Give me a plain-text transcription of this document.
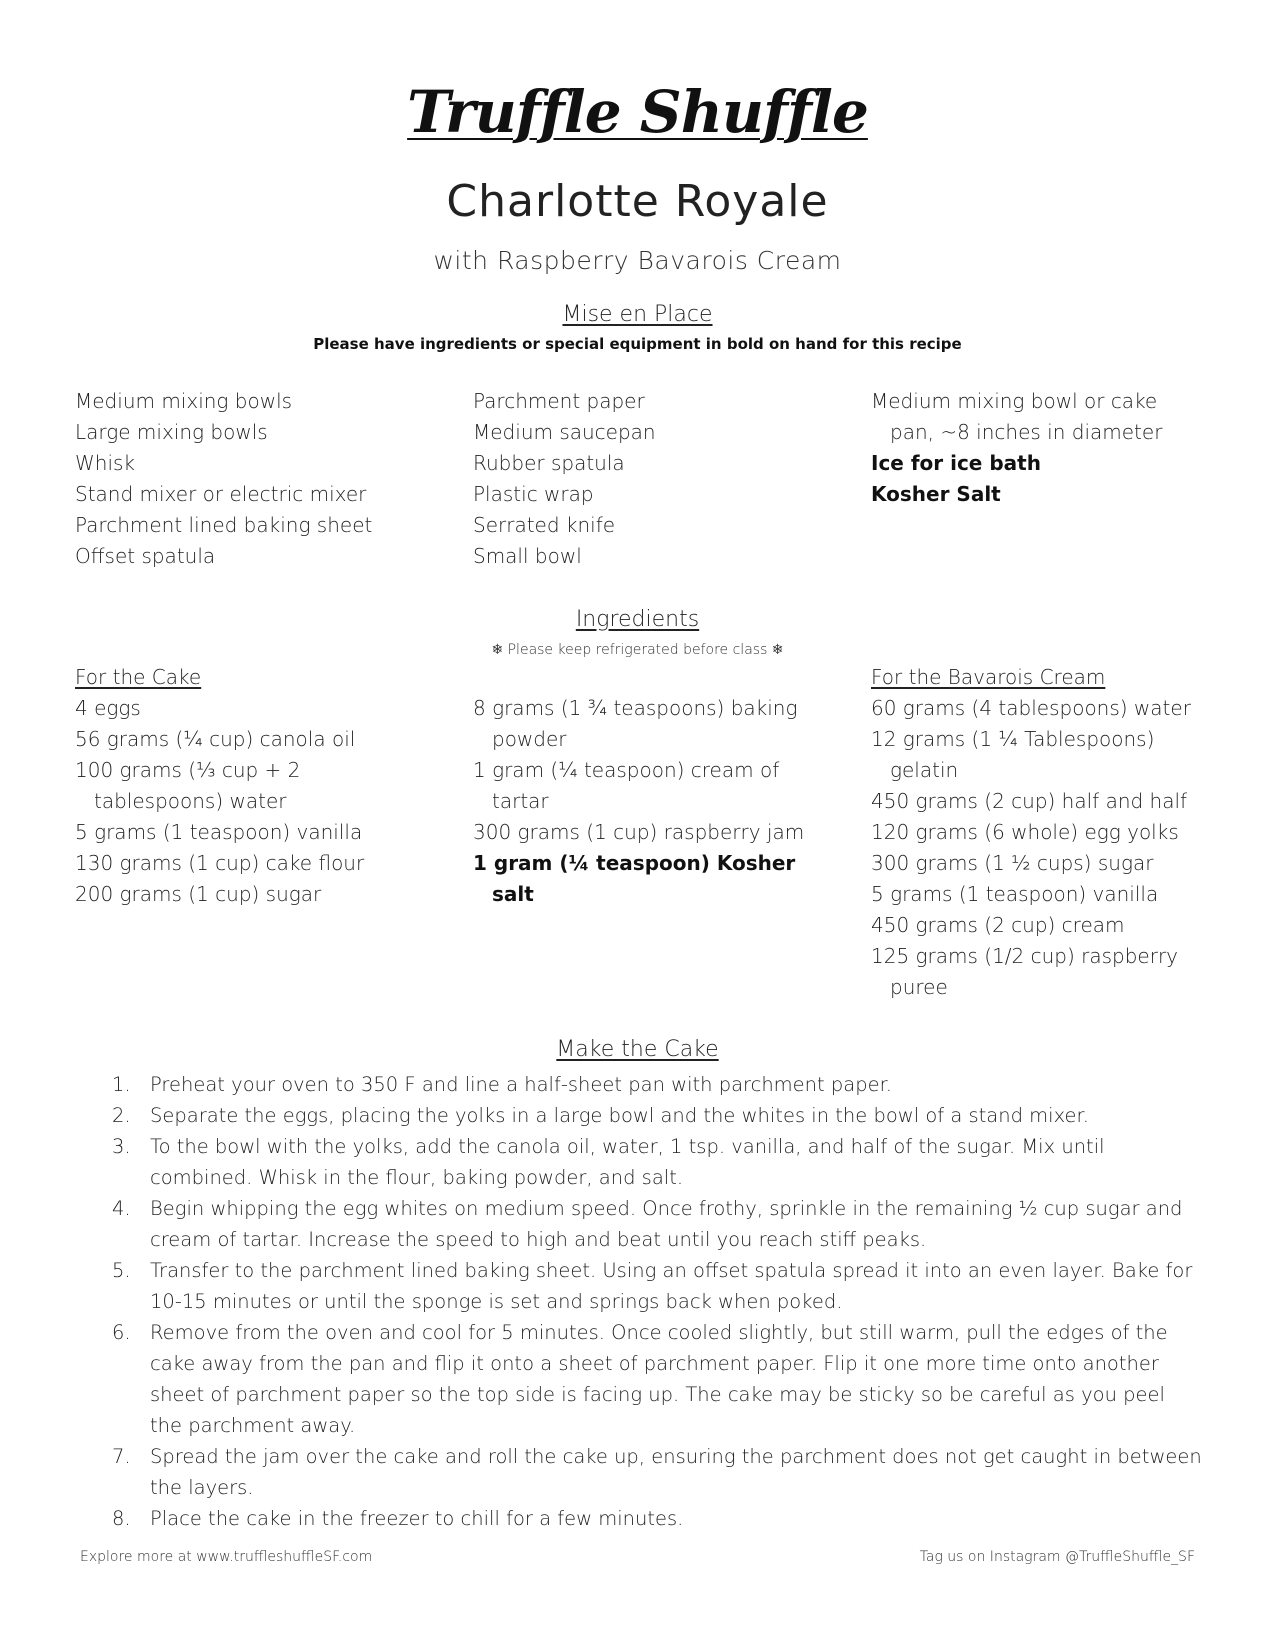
Truffle Shuffle
Charlotte Royale
with Raspberry Bavarois Cream
Mise en Place
Please have ingredients or special equipment in bold on hand for this recipe
Medium mixing bowls
Large mixing bowls
Whisk
Stand mixer or electric mixer
Parchment lined baking sheet
Offset spatula
Parchment paper
Medium saucepan
Rubber spatula
Plastic wrap
Serrated knife
Small bowl
Medium mixing bowl or cake pan, ~8 inches in diameter
Ice for ice bath
Kosher Salt
Ingredients
❄ Please keep refrigerated before class ❄
For the Cake
4 eggs
56 grams (¼ cup) canola oil
100 grams (⅓ cup + 2 tablespoons) water
5 grams (1 teaspoon) vanilla
130 grams (1 cup) cake flour
200 grams (1 cup) sugar
8 grams (1 ¾ teaspoons) baking powder
1 gram (¼ teaspoon) cream of tartar
300 grams (1 cup) raspberry jam
1 gram (¼ teaspoon) Kosher salt
For the Bavarois Cream
60 grams (4 tablespoons) water
12 grams (1 ¼ Tablespoons) gelatin
450 grams (2 cup) half and half
120 grams (6 whole) egg yolks
300 grams (1 ½ cups) sugar
5 grams (1 teaspoon) vanilla
450 grams (2 cup) cream
125 grams (1/2 cup) raspberry puree
Make the Cake
1. Preheat your oven to 350 F and line a half-sheet pan with parchment paper.
2. Separate the eggs, placing the yolks in a large bowl and the whites in the bowl of a stand mixer.
3. To the bowl with the yolks, add the canola oil, water, 1 tsp. vanilla, and half of the sugar. Mix until combined. Whisk in the flour, baking powder, and salt.
4. Begin whipping the egg whites on medium speed. Once frothy, sprinkle in the remaining ½ cup sugar and cream of tartar. Increase the speed to high and beat until you reach stiff peaks.
5. Transfer to the parchment lined baking sheet. Using an offset spatula spread it into an even layer. Bake for 10-15 minutes or until the sponge is set and springs back when poked.
6. Remove from the oven and cool for 5 minutes. Once cooled slightly, but still warm, pull the edges of the cake away from the pan and flip it onto a sheet of parchment paper. Flip it one more time onto another sheet of parchment paper so the top side is facing up. The cake may be sticky so be careful as you peel the parchment away.
7. Spread the jam over the cake and roll the cake up, ensuring the parchment does not get caught in between the layers.
8. Place the cake in the freezer to chill for a few minutes.
Explore more at www.truffleshuffleSF.com	Tag us on Instagram @TruffleShuffle_SF
